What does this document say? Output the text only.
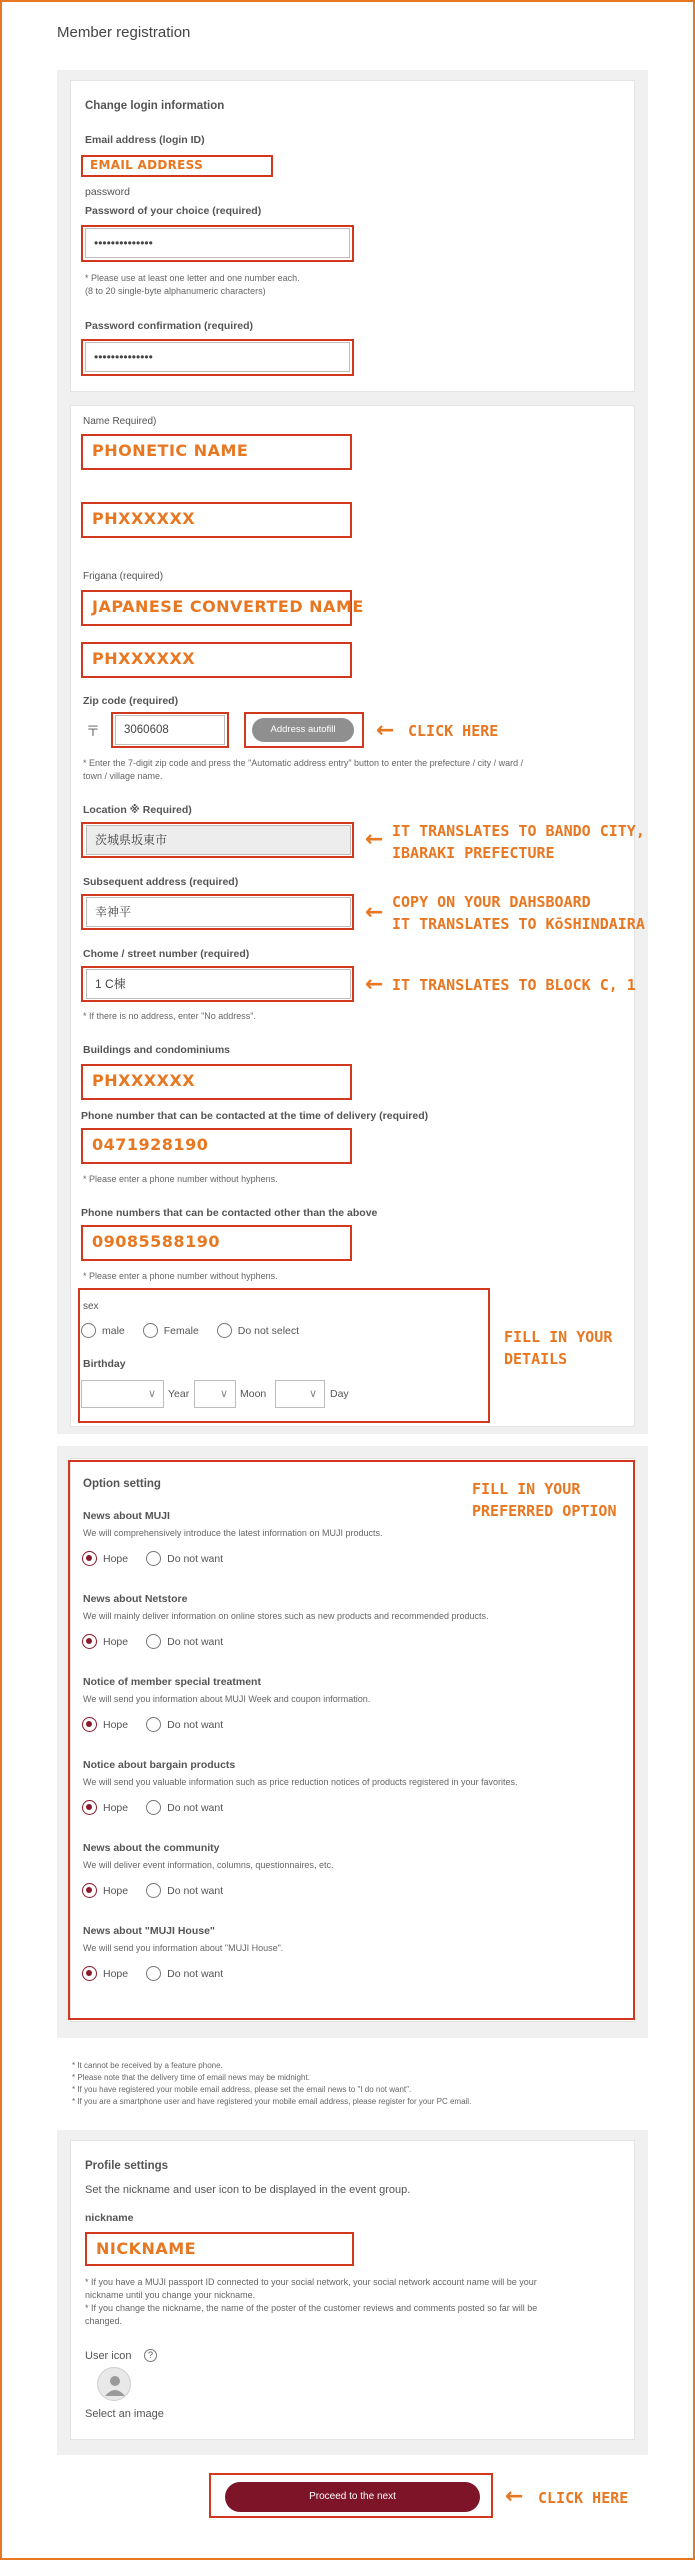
Member registration
Change login information
Email address (login ID)
EMAIL ADDRESS
password
Password of your choice (required)
••••••••••••••
* Please use at least one letter and one number each.
(8 to 20 single-byte alphanumeric characters)
Password confirmation (required)
••••••••••••••
Name Required)
PHONETIC NAME
PHXXXXXX
Frigana (required)
JAPANESE CONVERTED NAME
PHXXXXXX
Zip code (required)
〒	3060608	Address autofill	← CLICK HERE
* Enter the 7-digit zip code and press the "Automatic address entry" button to enter the prefecture / city / ward /
town / village name.
Location ※ Required)
茨城県坂東市	← IT TRANSLATES TO BANDO CITY,
IBARAKI PREFECTURE
Subsequent address (required)
幸神平	← COPY ON YOUR DAHSBOARD
IT TRANSLATES TO KōSHINDAIRA
Chome / street number (required)
1 C棟	← IT TRANSLATES TO BLOCK C, 1
* If there is no address, enter "No address".
Buildings and condominiums
PHXXXXXX
Phone number that can be contacted at the time of delivery (required)
0471928190
* Please enter a phone number without hyphens.
Phone numbers that can be contacted other than the above
09085588190
* Please enter a phone number without hyphens.
sex
male	Female	Do not select
Birthday
∨ Year	∨ Moon	∨ Day
FILL IN YOUR
DETAILS
Option setting	FILL IN YOUR
PREFERRED OPTION
News about MUJI
We will comprehensively introduce the latest information on MUJI products.
Hope	Do not want
News about Netstore
We will mainly deliver information on online stores such as new products and recommended products.
Hope	Do not want
Notice of member special treatment
We will send you information about MUJI Week and coupon information.
Hope	Do not want
Notice about bargain products
We will send you valuable information such as price reduction notices of products registered in your favorites.
Hope	Do not want
News about the community
We will deliver event information, columns, questionnaires, etc.
Hope	Do not want
News about "MUJI House"
We will send you information about "MUJI House".
Hope	Do not want
* It cannot be received by a feature phone.
* Please note that the delivery time of email news may be midnight.
* If you have registered your mobile email address, please set the email news to "I do not want".
* If you are a smartphone user and have registered your mobile email address, please register for your PC email.
Profile settings
Set the nickname and user icon to be displayed in the event group.
nickname
NICKNAME
* If you have a MUJI passport ID connected to your social network, your social network account name will be your
nickname until you change your nickname.
* If you change the nickname, the name of the poster of the customer reviews and comments posted so far will be
changed.
User icon	?
Select an image
Proceed to the next	← CLICK HERE
